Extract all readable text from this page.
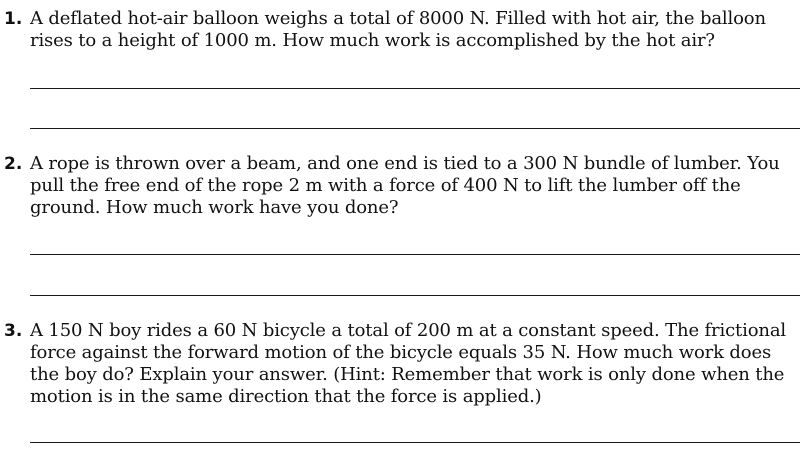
1. A deflated hot-air balloon weighs a total of 8000 N. Filled with hot air, the balloon rises to a height of 1000 m. How much work is accomplished by the hot air?
2. A rope is thrown over a beam, and one end is tied to a 300 N bundle of lumber. You pull the free end of the rope 2 m with a force of 400 N to lift the lumber off the ground. How much work have you done?
3. A 150 N boy rides a 60 N bicycle a total of 200 m at a constant speed. The frictional force against the forward motion of the bicycle equals 35 N. How much work does the boy do? Explain your answer. (Hint: Remember that work is only done when the motion is in the same direction that the force is applied.)
